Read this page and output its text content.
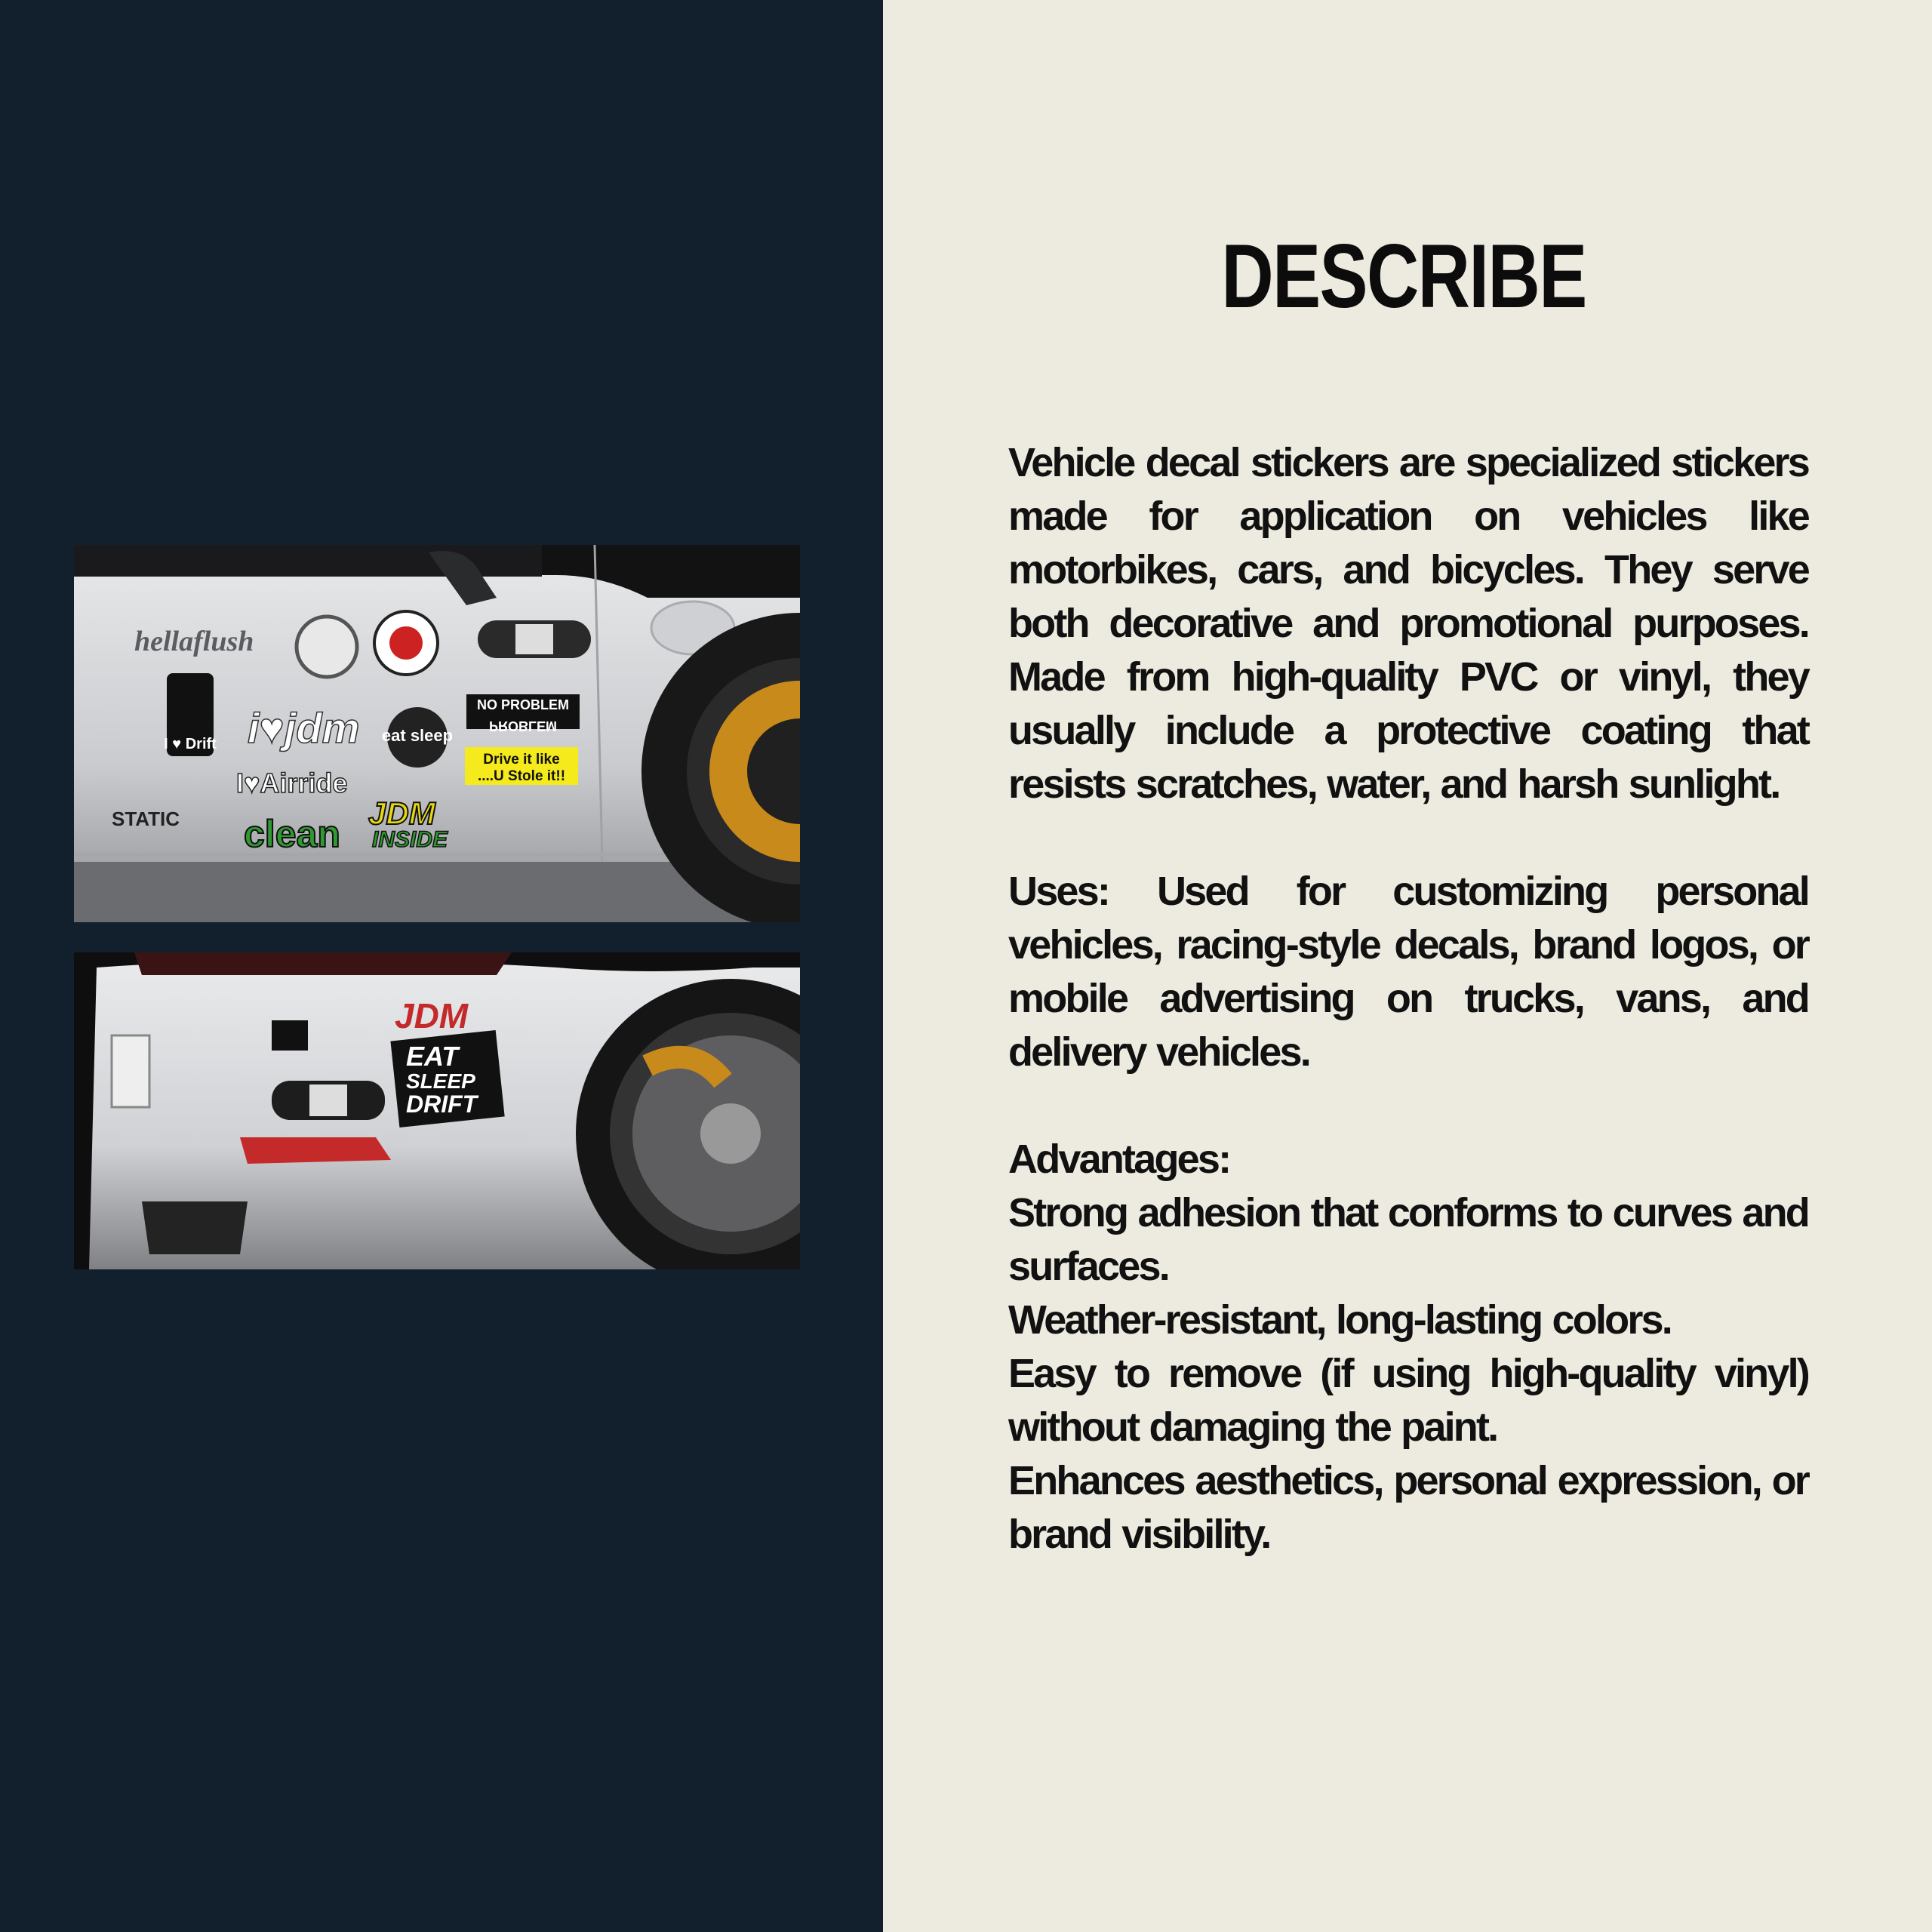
hellaflush
I ♥ Drift i♥jdm eat sleep
NO PROBLEM
PROBLEM
Drive it like
....U Stole it!!
I♥Airride
STATIC clean JDM
INSIDE
JDM
EAT
SLEEP
DRIFT
DESCRIBE

Vehicle decal stickers are specialized stickers made for application on vehicles like motorbikes, cars, and bicycles. They serve both decorative and promotional purposes. Made from high-quality PVC or vinyl, they usually include a protective coating that resists scratches, water, and harsh sunlight.

Uses: Used for customizing personal vehicles, racing-style decals, brand logos, or mobile advertising on trucks, vans, and delivery vehicles.

Advantages:

Strong adhesion that conforms to curves and surfaces.

Weather-resistant, long-lasting colors.

Easy to remove (if using high-quality vinyl) without damaging the paint.

Enhances aesthetics, personal expression, or brand visibility.
